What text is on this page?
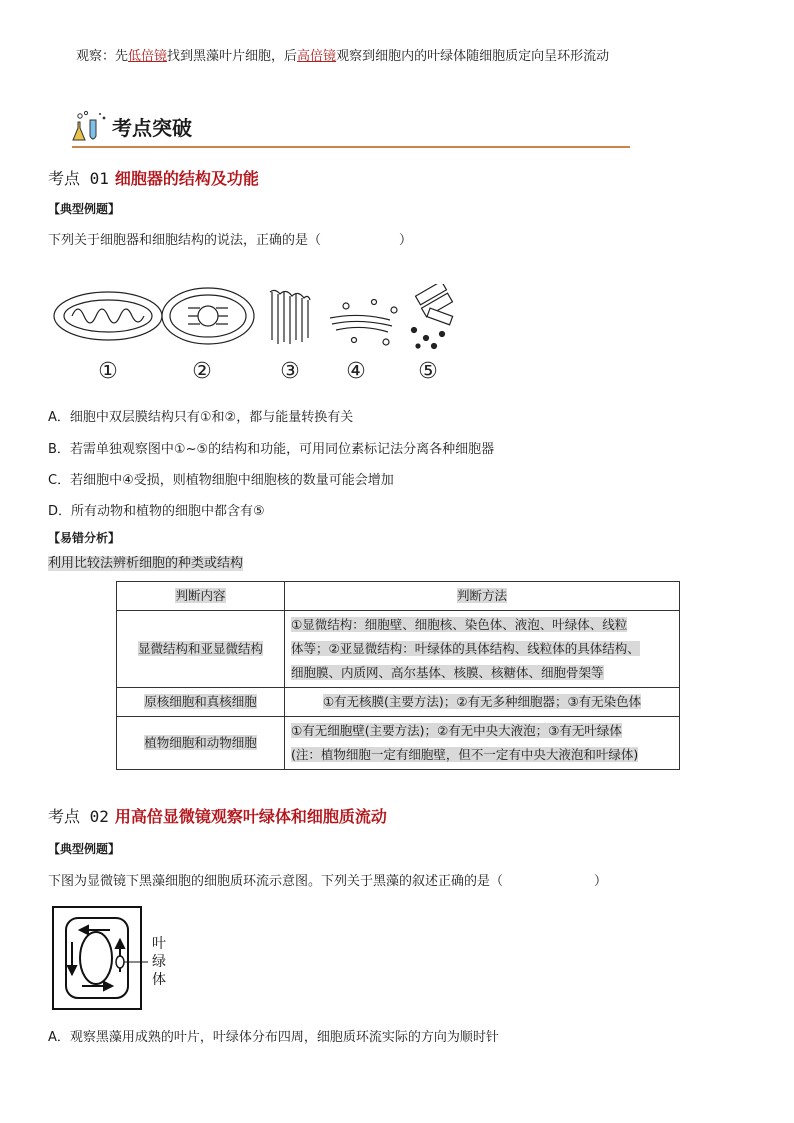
观察：先低倍镜找到黑藻叶片细胞，后高倍镜观察到细胞内的叶绿体随细胞质定向呈环形流动
考点突破
考点 01 细胞器的结构及功能
【典型例题】
下列关于细胞器和细胞结构的说法，正确的是（　　　　　　）
①	②	③ ④ ⑤
A．细胞中双层膜结构只有①和②，都与能量转换有关
B．若需单独观察图中①~⑤的结构和功能，可用同位素标记法分离各种细胞器
C．若细胞中④受损，则植物细胞中细胞核的数量可能会增加
D．所有动物和植物的细胞中都含有⑤
【易错分析】
利用比较法辨析细胞的种类或结构
判断内容	判断方法
显微结构和亚显微结构	①显微结构：细胞壁、细胞核、染色体、液泡、叶绿体、线粒
体等；②亚显微结构：叶绿体的具体结构、线粒体的具体结构、
细胞膜、内质网、高尔基体、核膜、核糖体、细胞骨架等
原核细胞和真核细胞	①有无核膜(主要方法)；②有无多种细胞器；③有无染色体
植物细胞和动物细胞	①有无细胞壁(主要方法)；②有无中央大液泡；③有无叶绿体
(注：植物细胞一定有细胞壁，但不一定有中央大液泡和叶绿体)
考点 02 用高倍显微镜观察叶绿体和细胞质流动
【典型例题】
下图为显微镜下黑藻细胞的细胞质环流示意图。下列关于黑藻的叙述正确的是（　　　　　　　）
叶
绿
体
A．观察黑藻用成熟的叶片，叶绿体分布四周，细胞质环流实际的方向为顺时针
